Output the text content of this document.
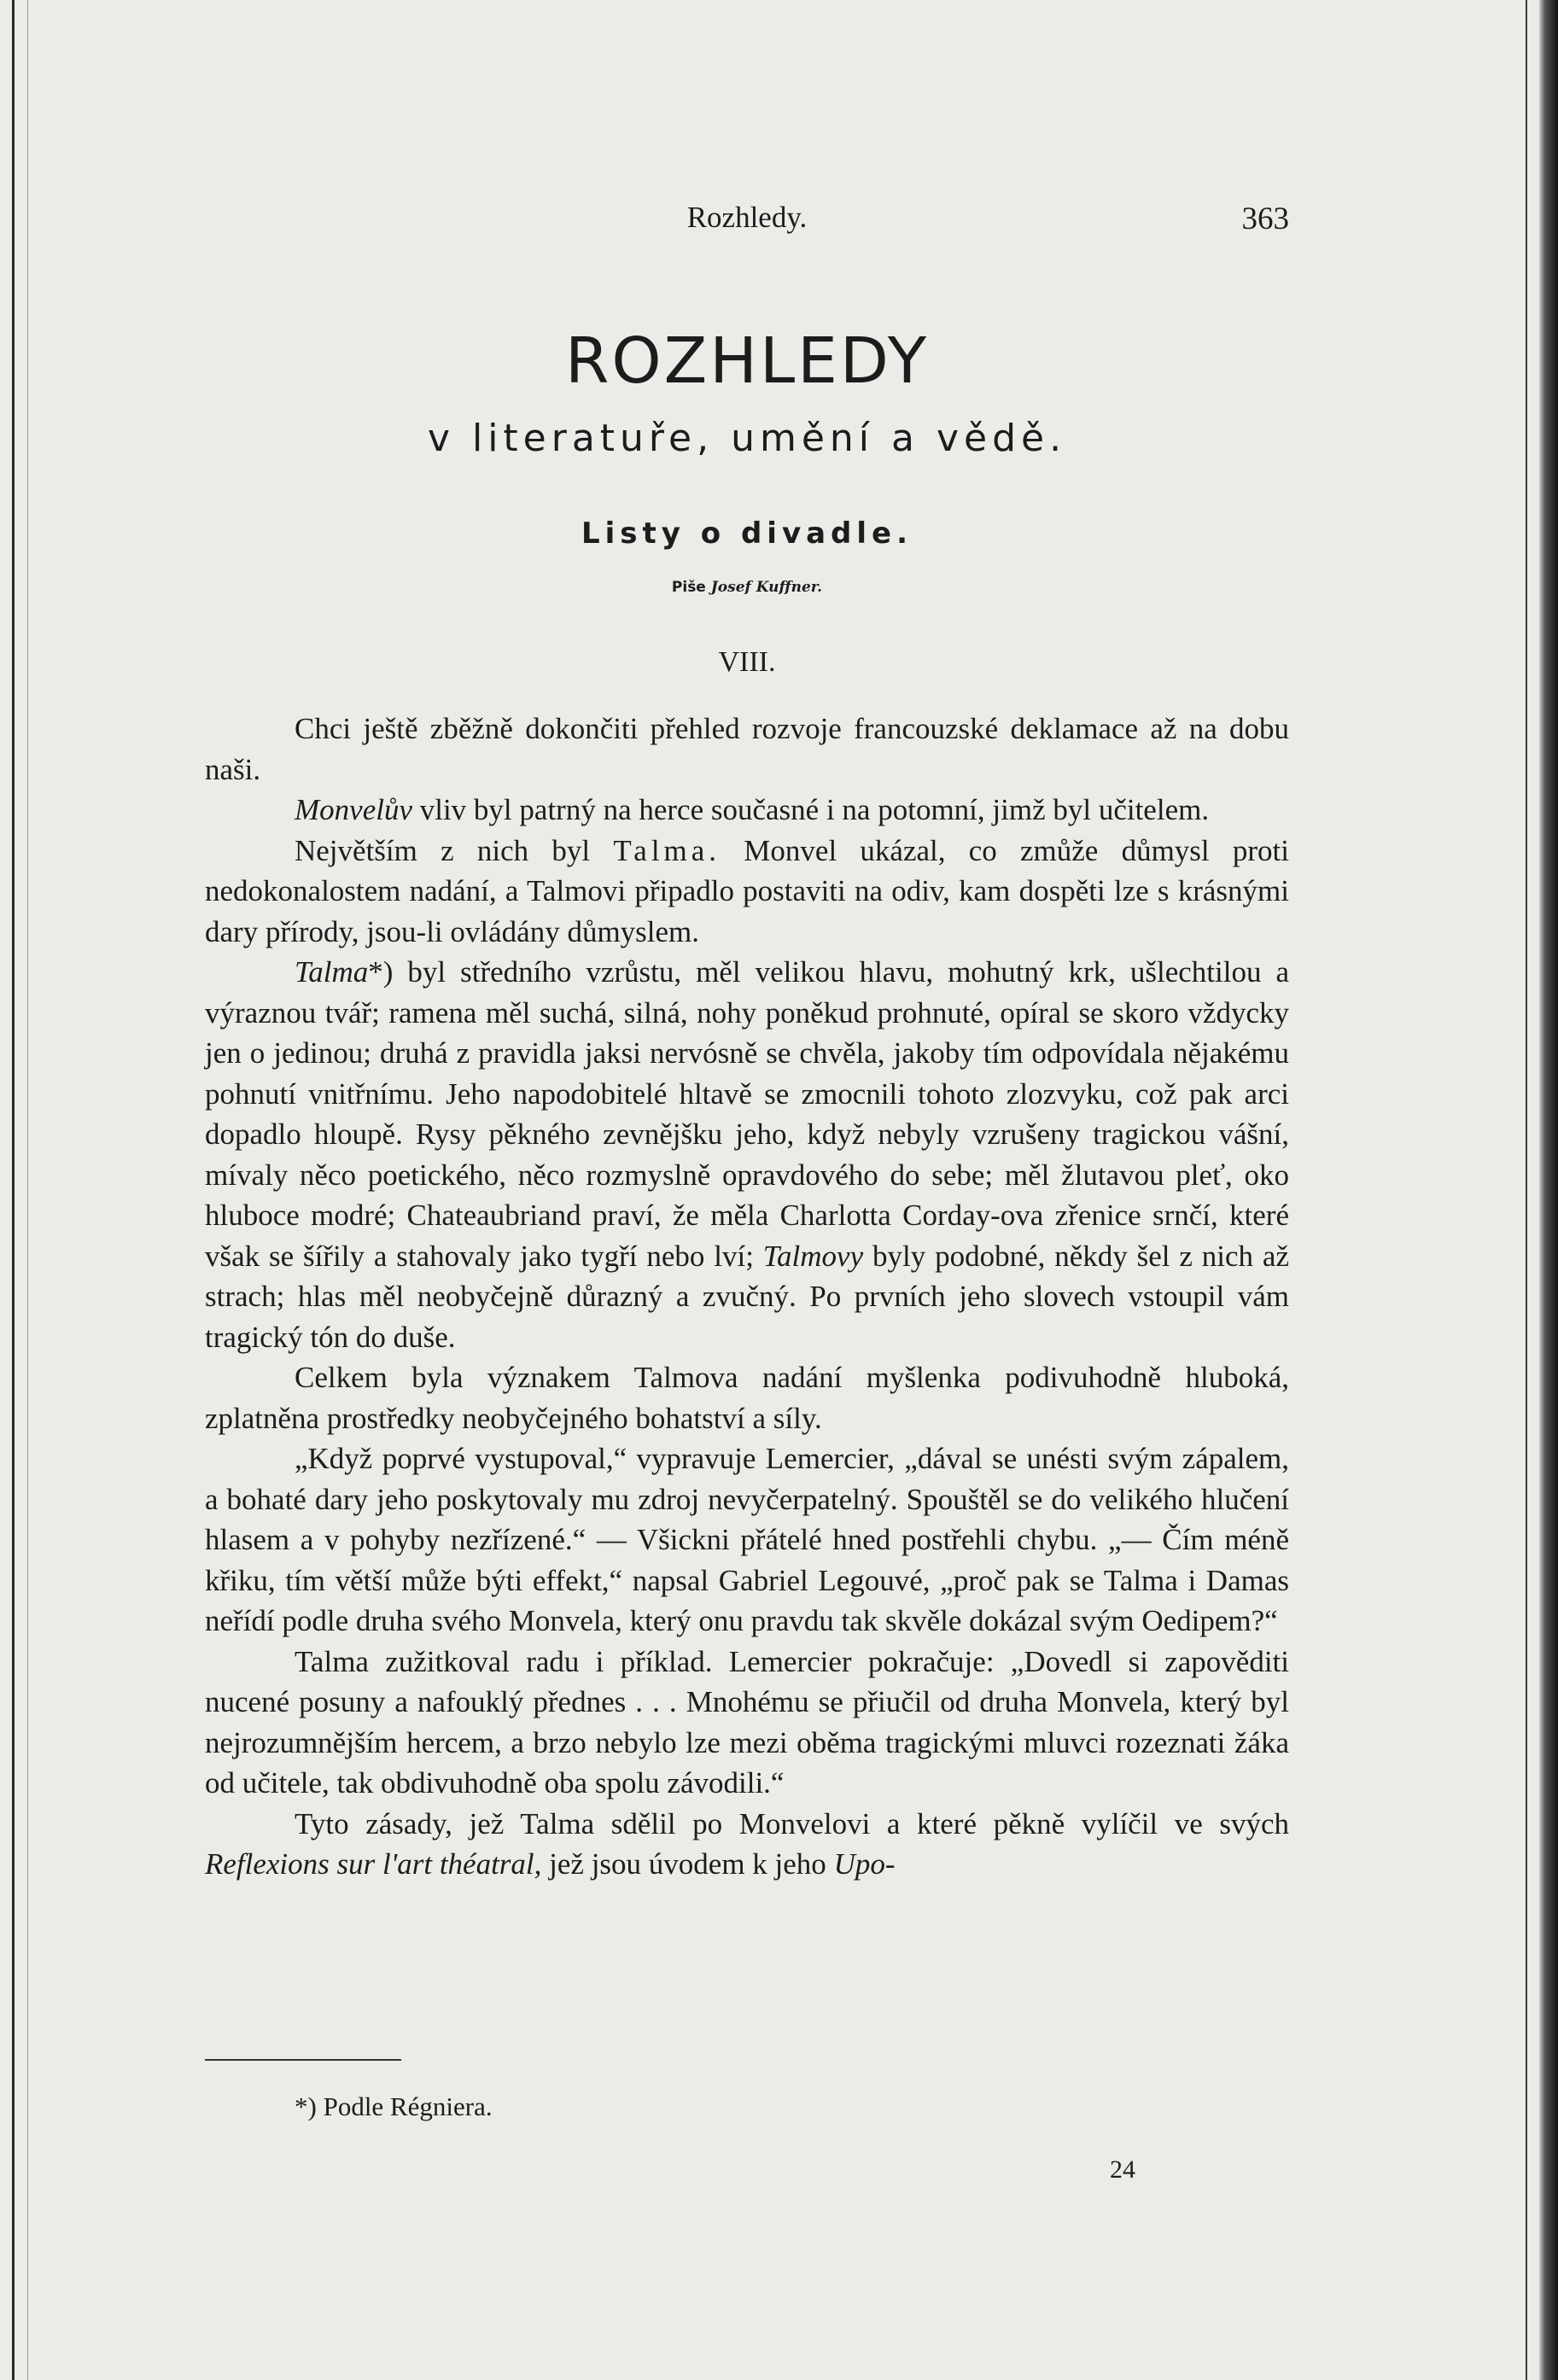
Rozhledy.	363
ROZHLEDY
v literatuře, umění a vědě.
Listy o divadle.
Piše Josef Kuffner.
VIII.

Chci ještě zběžně dokončiti přehled rozvoje francouzské deklamace až na dobu naši.

Monvelův vliv byl patrný na herce současné i na potomní, jimž byl učitelem.

Největším z nich byl Talma. Monvel ukázal, co zmůže důmysl proti nedokonalostem nadání, a Talmovi připadlo postaviti na odiv, kam dospěti lze s krásnými dary přírody, jsou-li ovládány důmyslem.

Talma*) byl středního vzrůstu, měl velikou hlavu, mohutný krk, ušlechtilou a výraznou tvář; ramena měl suchá, silná, nohy poněkud prohnuté, opíral se skoro vždycky jen o jedinou; druhá z pravidla jaksi nervósně se chvěla, jakoby tím odpovídala nějakému pohnutí vnitřnímu. Jeho napodobitelé hltavě se zmocnili tohoto zlozvyku, což pak arci dopadlo hloupě. Rysy pěkného zevnějšku jeho, když nebyly vzrušeny tragickou vášní, mívaly něco poetického, něco rozmyslně opravdového do sebe; měl žlutavou pleť, oko hluboce modré; Chateaubriand praví, že měla Charlotta Corday-ova zřenice srnčí, které však se šířily a stahovaly jako tygří nebo lví; Talmovy byly podobné, někdy šel z nich až strach; hlas měl neobyčejně důrazný a zvučný. Po prvních jeho slovech vstoupil vám tragický tón do duše.

Celkem byla význakem Talmova nadání myšlenka podivuhodně hluboká, zplatněna prostředky neobyčejného bohatství a síly.

„Když poprvé vystupoval,“ vypravuje Lemercier, „dával se unésti svým zápalem, a bohaté dary jeho poskytovaly mu zdroj nevyčerpatelný. Spouštěl se do velikého hlučení hlasem a v pohyby nezřízené.“ — Všickni přátelé hned postřehli chybu. „— Čím méně křiku, tím větší může býti effekt,“ napsal Gabriel Legouvé, „proč pak se Talma i Damas neřídí podle druha svého Monvela, který onu pravdu tak skvěle dokázal svým Oedipem?“

Talma zužitkoval radu i příklad. Lemercier pokračuje: „Dovedl si zapověditi nucené posuny a nafouklý přednes . . . Mnohému se přiučil od druha Monvela, který byl nejrozumnějším hercem, a brzo nebylo lze mezi oběma tragickými mluvci rozeznati žáka od učitele, tak obdivuhodně oba spolu závodili.“

Tyto zásady, jež Talma sdělil po Monvelovi a které pěkně vylíčil ve svých Reflexions sur l'art théatral, jež jsou úvodem k jeho Upo-

*) Podle Régniera.
24
